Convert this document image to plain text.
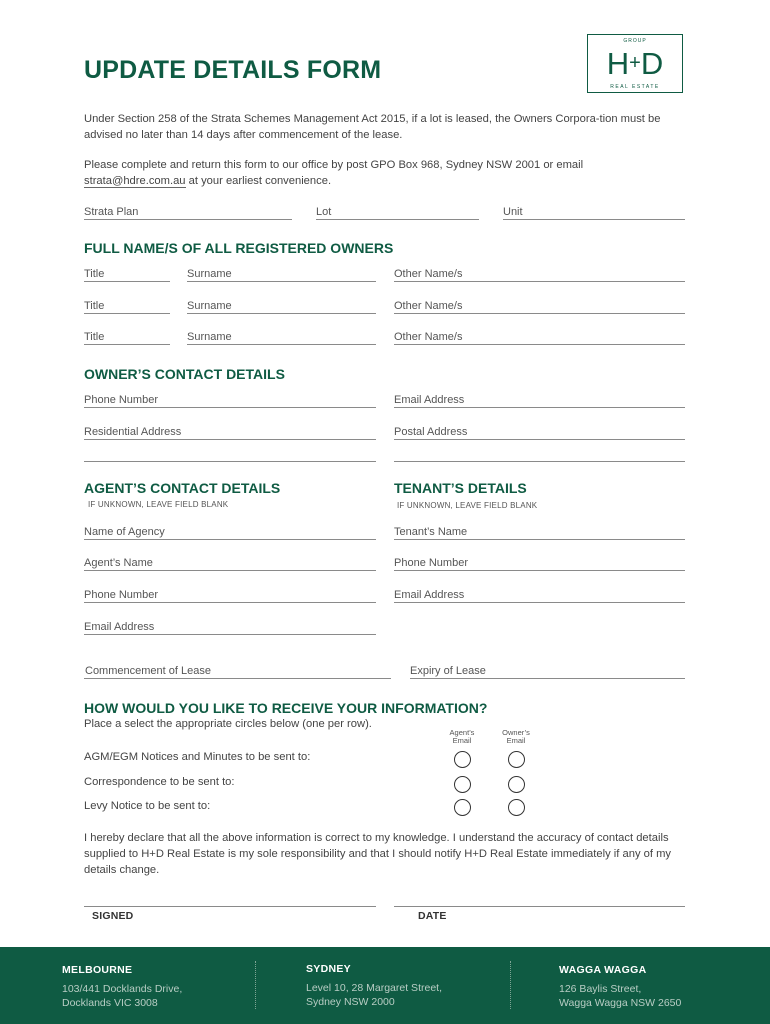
UPDATE DETAILS FORM
GROUP
H+D
REAL ESTATE
Under Section 258 of the Strata Schemes Management Act 2015, if a lot is leased, the Owners Corpora-tion must be advised no later than 14 days after commencement of the lease.
Please complete and return this form to our office by post GPO Box 968, Sydney NSW 2001 or email
strata@hdre.com.au at your earliest convenience.
Strata Plan	Lot	Unit
FULL NAME/S OF ALL REGISTERED OWNERS
Title	Surname	Other Name/s
Title	Surname	Other Name/s
Title	Surname	Other Name/s
OWNER’S CONTACT DETAILS
Phone Number	Email Address
Residential Address	Postal Address
AGENT’S CONTACT DETAILS
IF UNKNOWN, LEAVE FIELD BLANK
TENANT’S DETAILS
IF UNKNOWN, LEAVE FIELD BLANK
Name of Agency	Tenant’s Name
Agent’s Name	Phone Number
Phone Number	Email Address
Email Address
Commencement of Lease	Expiry of Lease
HOW WOULD YOU LIKE TO RECEIVE YOUR INFORMATION?
Place a select the appropriate circles below (one per row).
Agent’s
Email
Owner’s
Email
AGM/EGM Notices and Minutes to be sent to:
Correspondence to be sent to:
Levy Notice to be sent to:
I hereby declare that all the above information is correct to my knowledge. I understand the accuracy of contact details supplied to H+D Real Estate is my sole responsibility and that I should notify H+D Real Estate immediately if any of my details change.
SIGNED	DATE
MELBOURNE
103/441 Docklands Drive,
Docklands VIC 3008
SYDNEY
Level 10, 28 Margaret Street,
Sydney NSW 2000
WAGGA WAGGA
126 Baylis Street,
Wagga Wagga NSW 2650
